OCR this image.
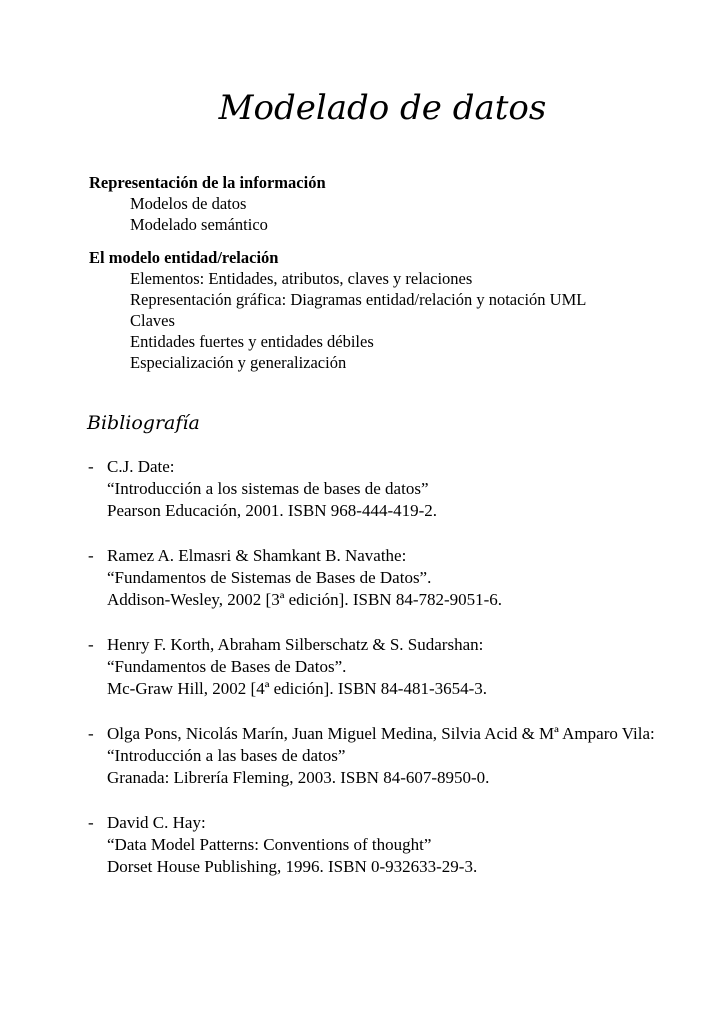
Modelado de datos
Representación de la información
Modelos de datos
Modelado semántico
El modelo entidad/relación
Elementos: Entidades, atributos, claves y relaciones
Representación gráfica: Diagramas entidad/relación y notación UML
Claves
Entidades fuertes y entidades débiles
Especialización y generalización
Bibliografía
- C.J. Date:
“Introducción a los sistemas de bases de datos”
Pearson Educación, 2001. ISBN 968-444-419-2.
- Ramez A. Elmasri & Shamkant B. Navathe:
“Fundamentos de Sistemas de Bases de Datos”.
Addison-Wesley, 2002 [3ª edición]. ISBN 84-782-9051-6.
- Henry F. Korth, Abraham Silberschatz & S. Sudarshan:
“Fundamentos de Bases de Datos”.
Mc-Graw Hill, 2002 [4ª edición]. ISBN 84-481-3654-3.
- Olga Pons, Nicolás Marín, Juan Miguel Medina, Silvia Acid & Mª Amparo Vila:
“Introducción a las bases de datos”
Granada: Librería Fleming, 2003. ISBN 84-607-8950-0.
- David C. Hay:
“Data Model Patterns: Conventions of thought”
Dorset House Publishing, 1996. ISBN 0-932633-29-3.
